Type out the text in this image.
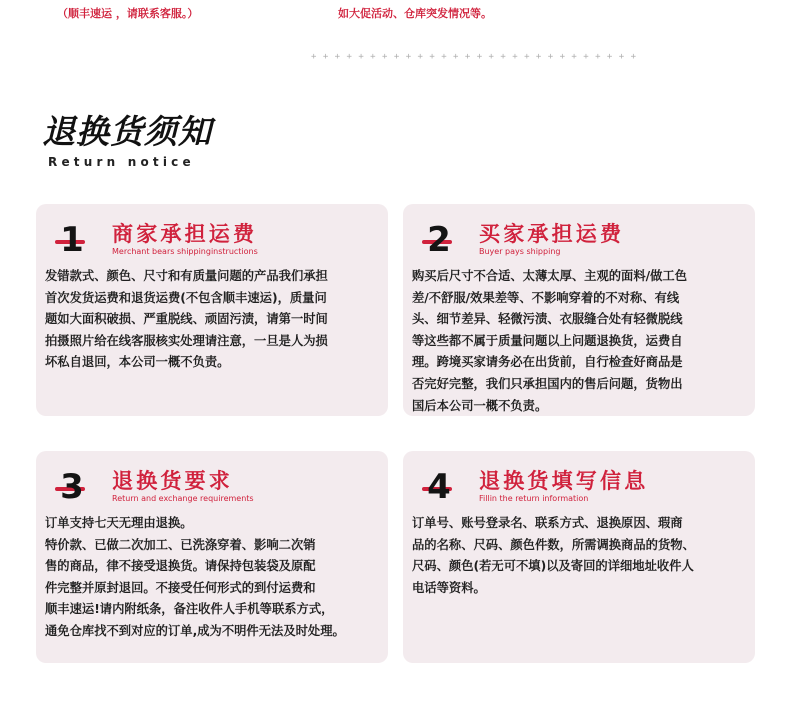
（顺丰速运 ，请联系客服。）	如大促活动、仓库突发情况等。
+ + + + + + + + + + + + + + + + + + + + + + + + + + + +
退换货须知
Return notice
1	商家承担运费
Merchant bears shippinginstructions
发错款式、颜色、尺寸和有质量问题的产品我们承担
首次发货运费和退货运费(不包含顺丰速运)，质量问
题如大面积破损、严重脱线、顽固污渍，请第一时间
拍摄照片给在线客服核实处理请注意，一旦是人为损
坏私自退回，本公司一概不负责。
2	买家承担运费
Buyer pays shipping
购买后尺寸不合适、太薄太厚、主观的面料/做工色
差/不舒服/效果差等、不影响穿着的不对称、有线
头、细节差异、轻微污渍、衣服缝合处有轻微脱线
等这些都不属于质量问题以上问题退换货，运费自
理。跨境买家请务必在出货前，自行检查好商品是
否完好完整，我们只承担国内的售后问题，货物出
国后本公司一概不负责。
3	退换货要求
Return and exchange requirements
订单支持七天无理由退换。
特价款、已做二次加工、已洗涤穿着、影响二次销
售的商品，律不接受退换货。请保持包装袋及原配
件完整并原封退回。不接受任何形式的到付运费和
顺丰速运!请内附纸条，备注收件人手机等联系方式，
通免仓库找不到对应的订单,成为不明件无法及时处理。
4	退换货填写信息
Fillin the return information
订单号、账号登录名、联系方式、退换原因、瑕商
品的名称、尺码、颜色件数，所需调换商品的货物、
尺码、颜色(若无可不填)以及寄回的详细地址收件人
电话等资料。
